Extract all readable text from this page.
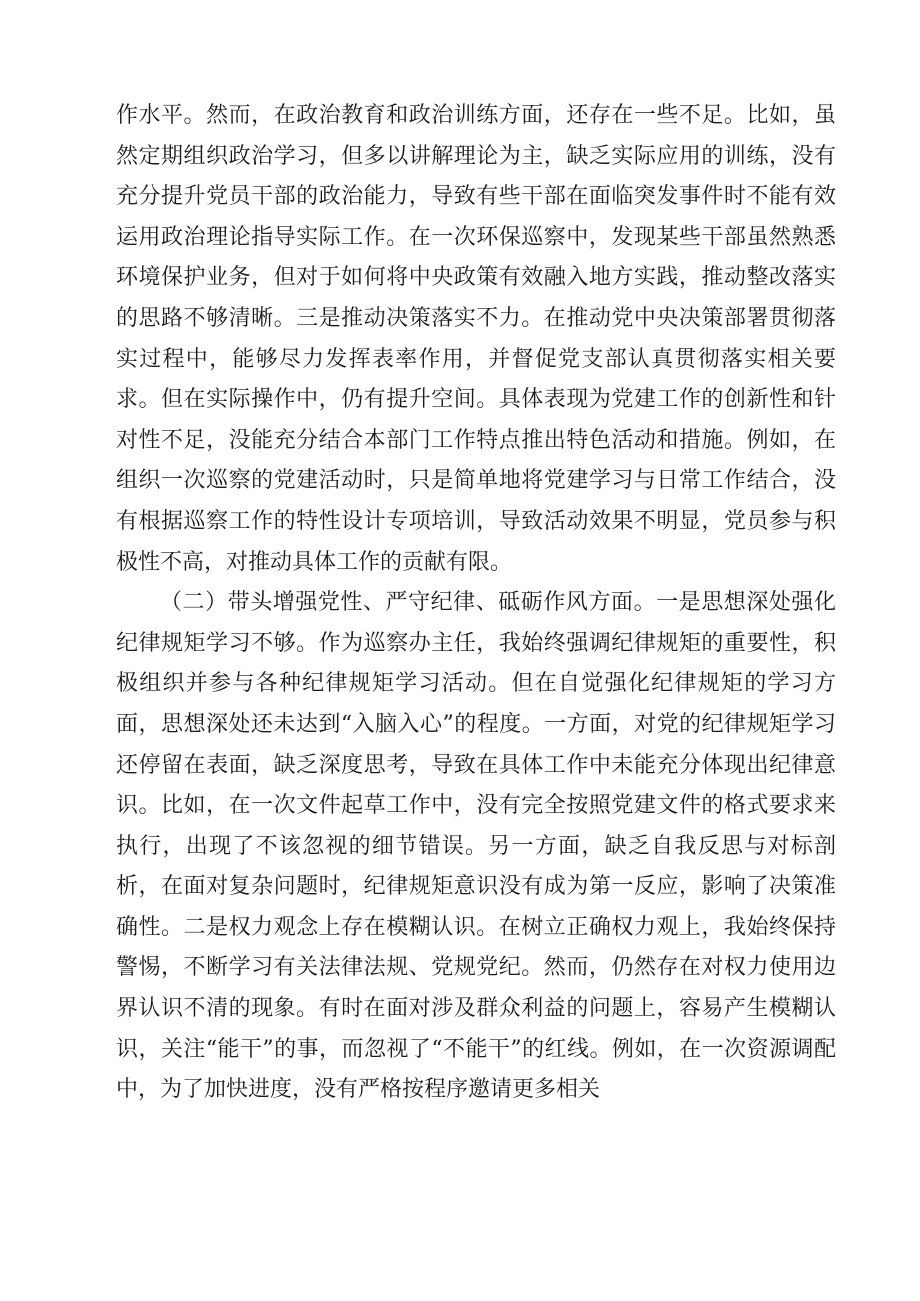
作水平。然而，在政治教育和政治训练方面，还存在一些不足。比如，虽然定期组织政治学习，但多以讲解理论为主，缺乏实际应用的训练，没有充分提升党员干部的政治能力，导致有些干部在面临突发事件时不能有效运用政治理论指导实际工作。在一次环保巡察中，发现某些干部虽然熟悉环境保护业务，但对于如何将中央政策有效融入地方实践，推动整改落实的思路不够清晰。三是推动决策落实不力。在推动党中央决策部署贯彻落实过程中，能够尽力发挥表率作用，并督促党支部认真贯彻落实相关要求。但在实际操作中，仍有提升空间。具体表现为党建工作的创新性和针对性不足，没能充分结合本部门工作特点推出特色活动和措施。例如，在组织一次巡察的党建活动时，只是简单地将党建学习与日常工作结合，没有根据巡察工作的特性设计专项培训，导致活动效果不明显，党员参与积极性不高，对推动具体工作的贡献有限。

（二）带头增强党性、严守纪律、砥砺作风方面。一是思想深处强化纪律规矩学习不够。作为巡察办主任，我始终强调纪律规矩的重要性，积极组织并参与各种纪律规矩学习活动。但在自觉强化纪律规矩的学习方面，思想深处还未达到“入脑入心”的程度。一方面，对党的纪律规矩学习还停留在表面，缺乏深度思考，导致在具体工作中未能充分体现出纪律意识。比如，在一次文件起草工作中，没有完全按照党建文件的格式要求来执行，出现了不该忽视的细节错误。另一方面，缺乏自我反思与对标剖析，在面对复杂问题时，纪律规矩意识没有成为第一反应，影响了决策准确性。二是权力观念上存在模糊认识。在树立正确权力观上，我始终保持警惕，不断学习有关法律法规、党规党纪。然而，仍然存在对权力使用边界认识不清的现象。有时在面对涉及群众利益的问题上，容易产生模糊认识，关注“能干”的事，而忽视了“不能干”的红线。例如，在一次资源调配中，为了加快进度，没有严格按程序邀请更多相关
